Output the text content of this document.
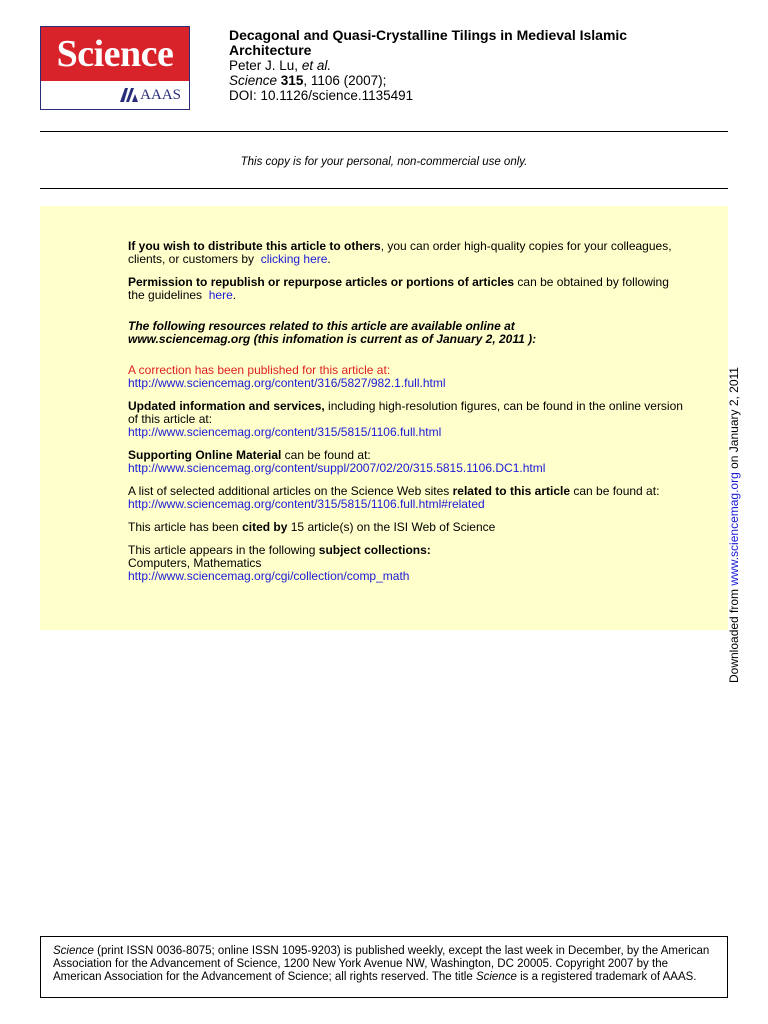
Science
AAAS
Decagonal and Quasi-Crystalline Tilings in Medieval Islamic Architecture
Peter J. Lu, et al.
Science 315, 1106 (2007);
DOI: 10.1126/science.1135491
This copy is for your personal, non-commercial use only.

If you wish to distribute this article to others, you can order high-quality copies for your colleagues, clients, or customers by clicking here.

Permission to republish or repurpose articles or portions of articles can be obtained by following the guidelines here.

The following resources related to this article are available online at
www.sciencemag.org (this infomation is current as of January 2, 2011 ):

A correction has been published for this article at:
http://www.sciencemag.org/content/316/5827/982.1.full.html

Updated information and services, including high-resolution figures, can be found in the online version of this article at:
http://www.sciencemag.org/content/315/5815/1106.full.html

Supporting Online Material can be found at:
http://www.sciencemag.org/content/suppl/2007/02/20/315.5815.1106.DC1.html

A list of selected additional articles on the Science Web sites related to this article can be found at:
http://www.sciencemag.org/content/315/5815/1106.full.html#related

This article has been cited by 15 article(s) on the ISI Web of Science

This article appears in the following subject collections:
Computers, Mathematics
http://www.sciencemag.org/cgi/collection/comp_math

Downloaded from www.sciencemag.org on January 2, 2011
Science (print ISSN 0036-8075; online ISSN 1095-9203) is published weekly, except the last week in December, by the American Association for the Advancement of Science, 1200 New York Avenue NW, Washington, DC 20005. Copyright 2007 by the American Association for the Advancement of Science; all rights reserved. The title Science is a registered trademark of AAAS.
